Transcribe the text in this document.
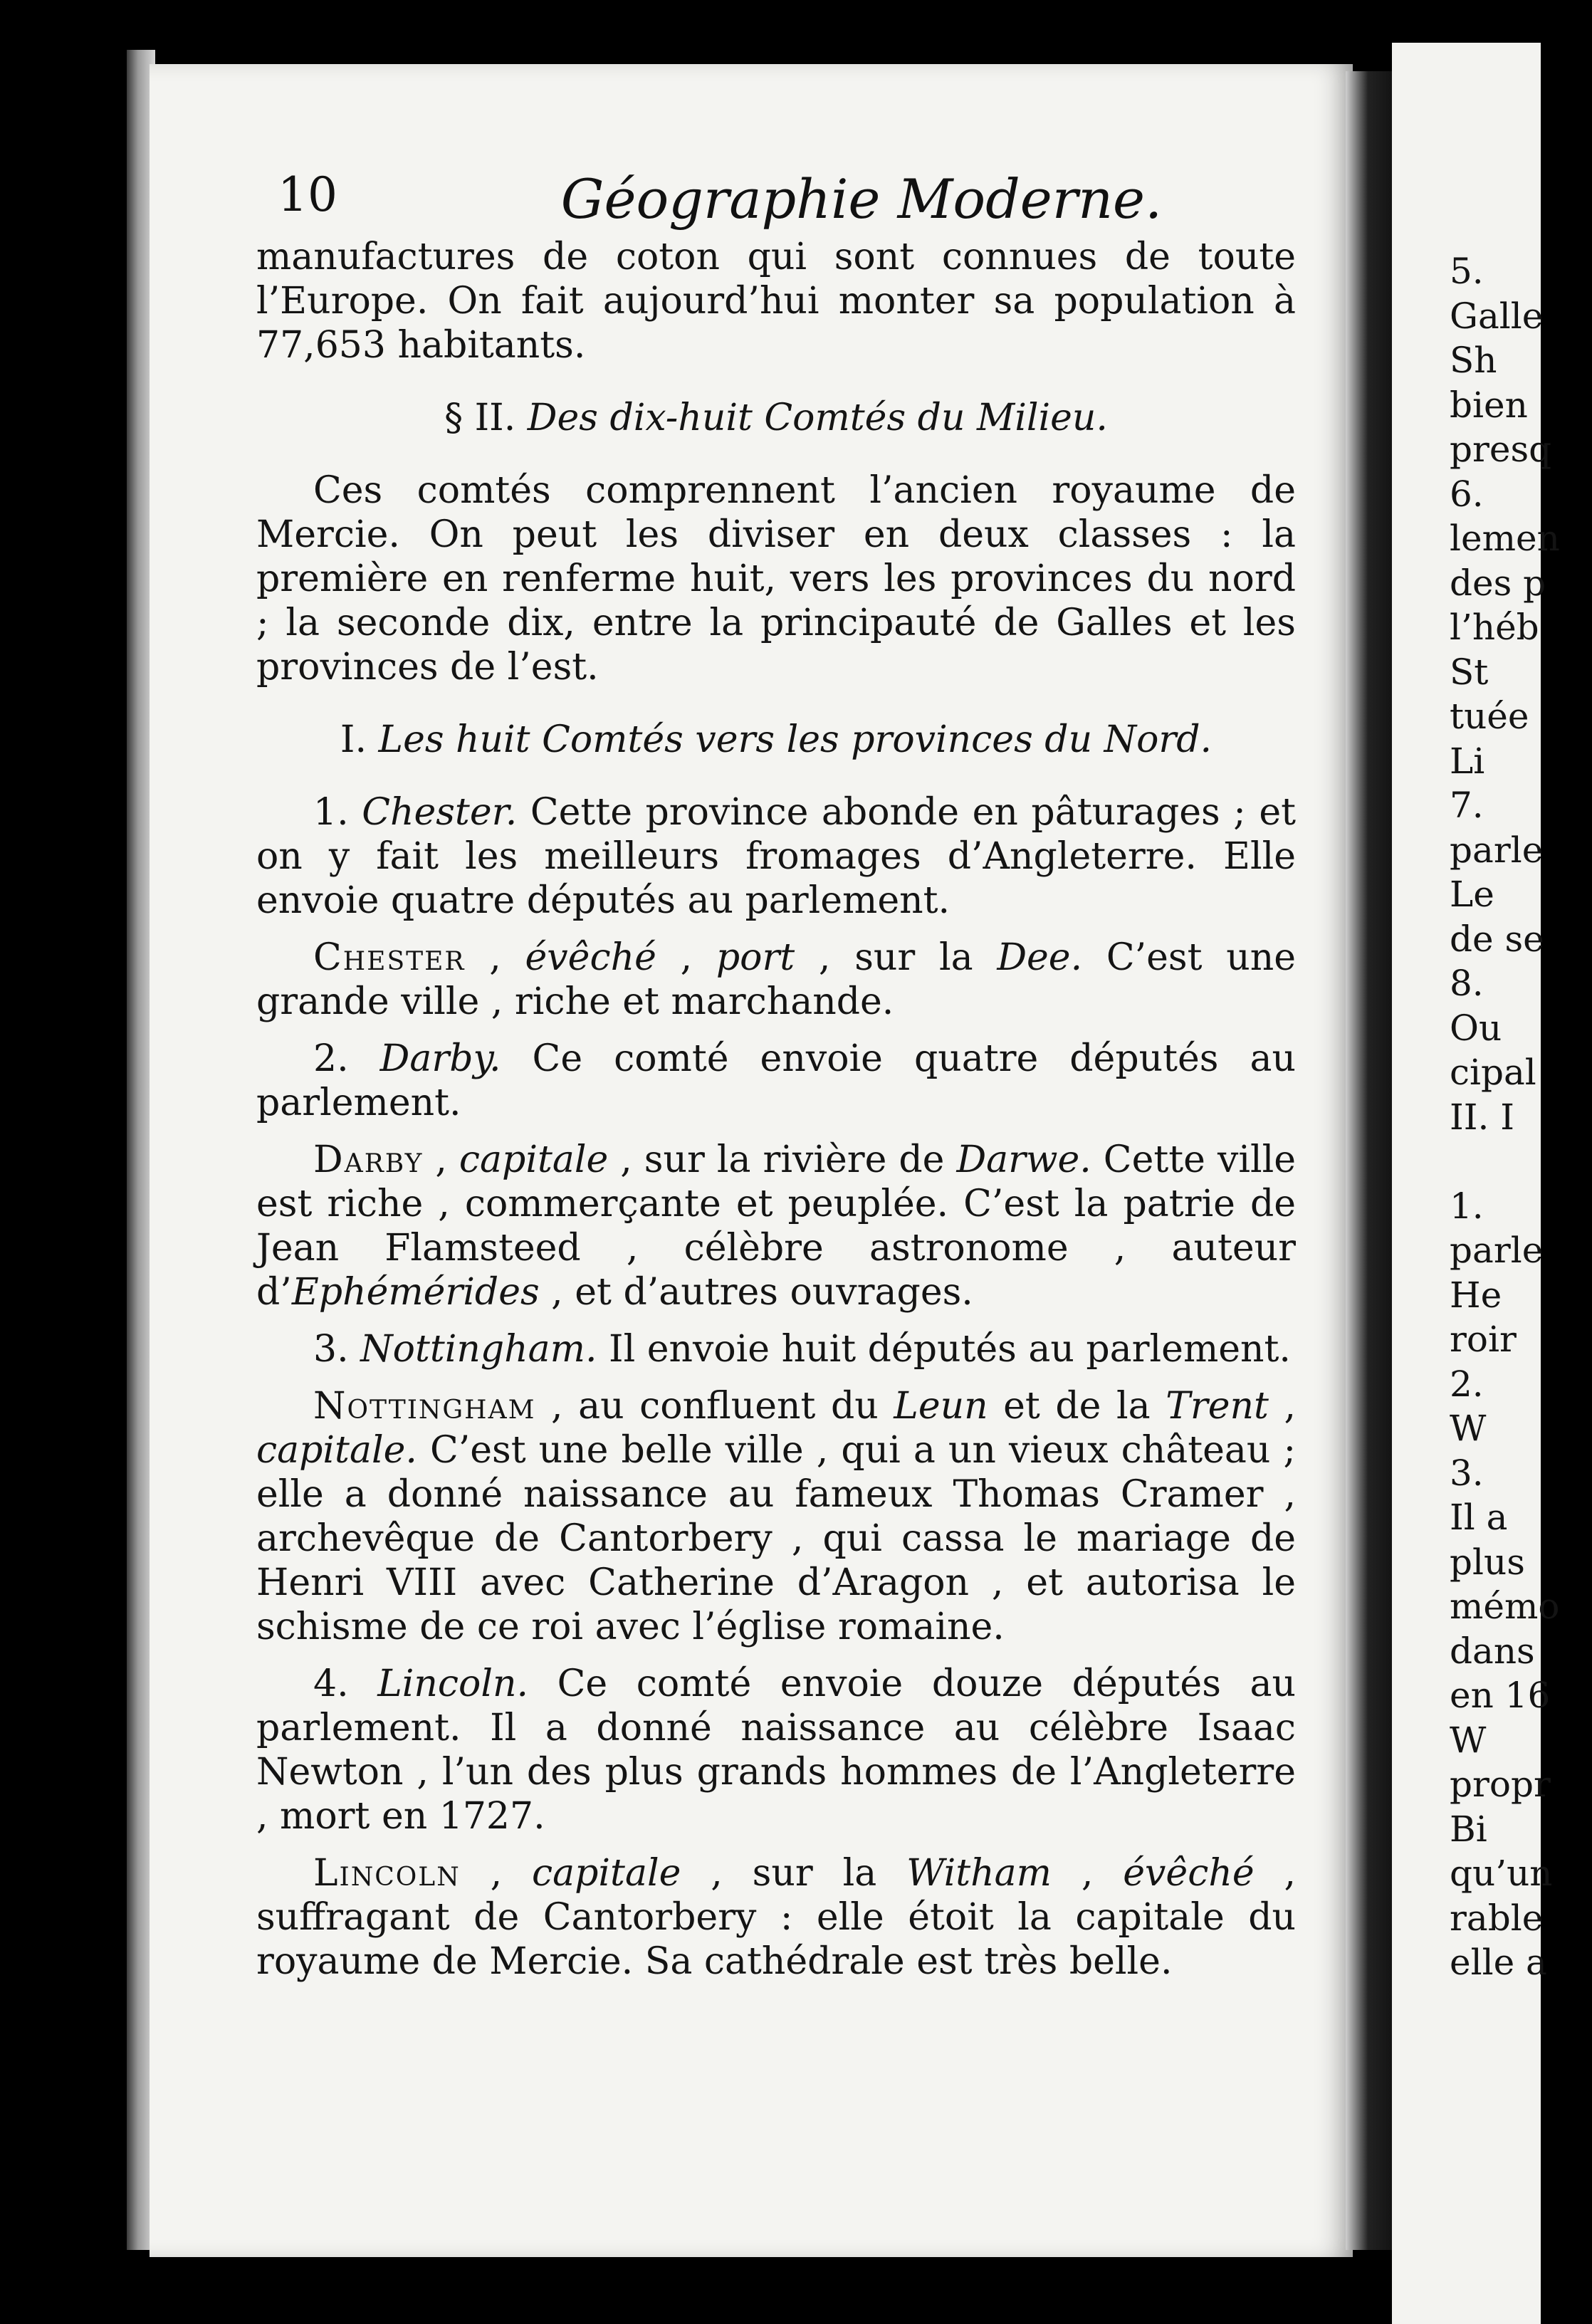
10	Géographie Moderne.

manufactures de coton qui sont connues de toute l’Europe. On fait aujourd’hui monter sa population à 77,653 habitants.

§ II. Des dix-huit Comtés du Milieu.

Ces comtés comprennent l’ancien royaume de Mercie. On peut les diviser en deux classes : la première en renferme huit, vers les provinces du nord ; la seconde dix, entre la principauté de Galles et les provinces de l’est.

I. Les huit Comtés vers les provinces du Nord.

1. Chester. Cette province abonde en pâturages ; et on y fait les meilleurs fromages d’Angleterre. Elle envoie quatre députés au parlement.

Chester , évêché , port , sur la Dee. C’est une grande ville , riche et marchande.

2. Darby. Ce comté envoie quatre députés au parlement.

Darby , capitale , sur la rivière de Darwe. Cette ville est riche , commerçante et peuplée. C’est la patrie de Jean Flamsteed , célèbre astronome , auteur d’Ephémérides , et d’autres ouvrages.

3. Nottingham. Il envoie huit députés au parlement.

Nottingham , au confluent du Leun et de la Trent , capitale. C’est une belle ville , qui a un vieux château ; elle a donné naissance au fameux Thomas Cramer , archevêque de Cantorbery , qui cassa le mariage de Henri VIII avec Catherine d’Aragon , et autorisa le schisme de ce roi avec l’église romaine.

4. Lincoln. Ce comté envoie douze députés au parlement. Il a donné naissance au célèbre Isaac Newton , l’un des plus grands hommes de l’Angleterre , mort en 1727.

Lincoln , capitale , sur la Witham , évêché , suffragant de Cantorbery : elle étoit la capitale du royaume de Mercie. Sa cathédrale est très belle.

5.
Galle
Sh
bien
presq
6.
lemen
des p
l’héb
St
tuée
Li
7.
parle
Le
de se
8.
Ou
cipal
II. I
1.
parle
He
roir
2.
W
3.
Il a
plus
mémo
dans
en 16
W
propr
Bi
qu’un
rable
elle a
